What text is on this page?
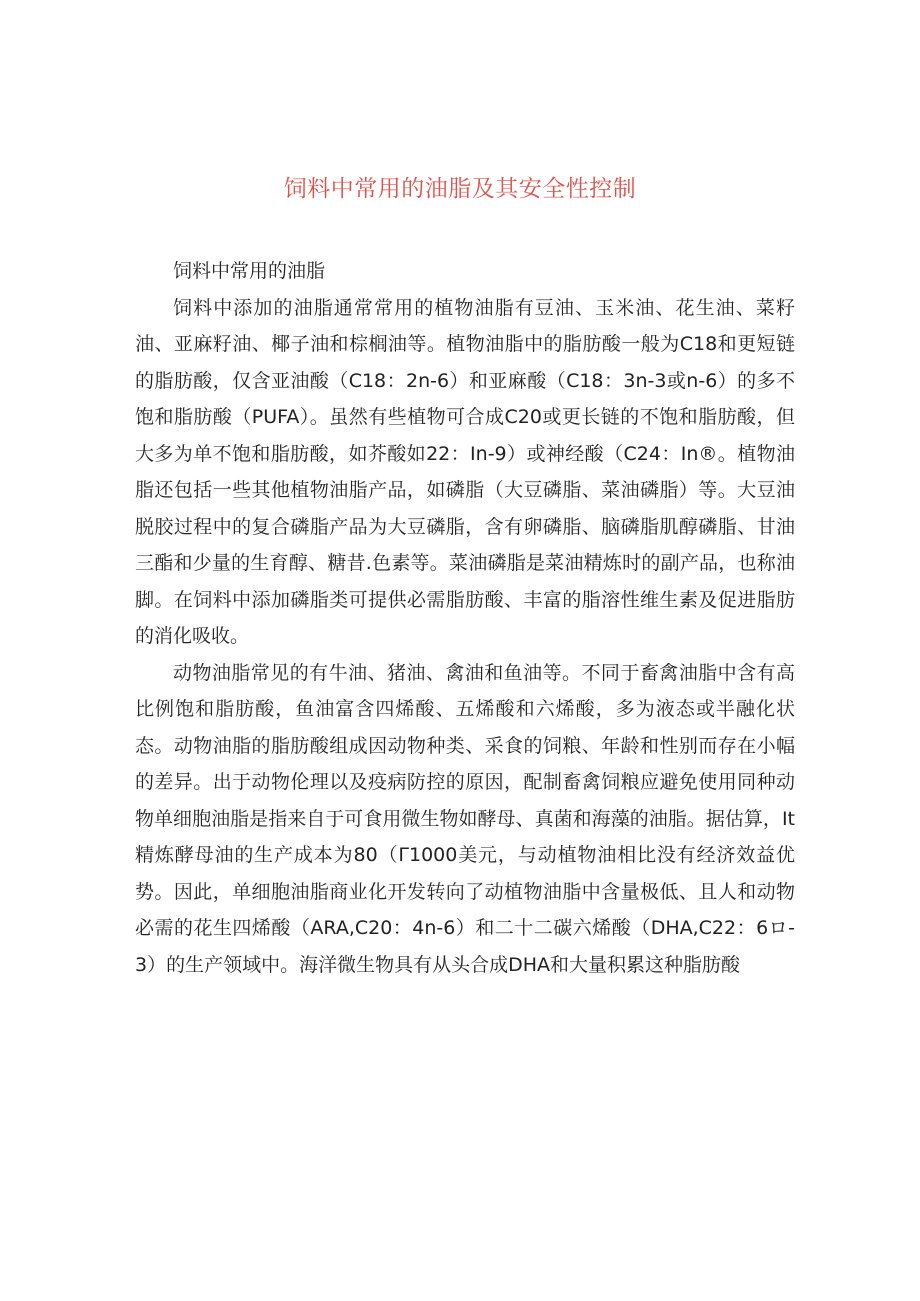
饲料中常用的油脂及其安全性控制

饲料中常用的油脂

饲料中添加的油脂通常常用的植物油脂有豆油、玉米油、花生油、菜籽油、亚麻籽油、椰子油和棕榈油等。植物油脂中的脂肪酸一般为C18和更短链的脂肪酸，仅含亚油酸（C18：2n-6）和亚麻酸（C18：3n-3或n-6）的多不饱和脂肪酸（PUFA）。虽然有些植物可合成C20或更长链的不饱和脂肪酸，但大多为单不饱和脂肪酸，如芥酸如22：In-9）或神经酸（C24：In®。植物油脂还包括一些其他植物油脂产品，如磷脂（大豆磷脂、菜油磷脂）等。大豆油脱胶过程中的复合磷脂产品为大豆磷脂，含有卵磷脂、脑磷脂肌醇磷脂、甘油三酯和少量的生育醇、糖昔.色素等。菜油磷脂是菜油精炼时的副产品，也称油脚。在饲料中添加磷脂类可提供必需脂肪酸、丰富的脂溶性维生素及促进脂肪的消化吸收。

动物油脂常见的有牛油、猪油、禽油和鱼油等。不同于畜禽油脂中含有高比例饱和脂肪酸，鱼油富含四烯酸、五烯酸和六烯酸，多为液态或半融化状态。动物油脂的脂肪酸组成因动物种类、采食的饲粮、年龄和性别而存在小幅的差异。出于动物伦理以及疫病防控的原因，配制畜禽饲粮应避免使用同种动物单细胞油脂是指来自于可食用微生物如酵母、真菌和海藻的油脂。据估算，It精炼酵母油的生产成本为80（Γ1000美元，与动植物油相比没有经济效益优势。因此，单细胞油脂商业化开发转向了动植物油脂中含量极低、且人和动物必需的花生四烯酸（ARA,C20：4n-6）和二十二碳六烯酸（DHA,C22：6ロ-3）的生产领域中。海洋微生物具有从头合成DHA和大量积累这种脂肪酸
